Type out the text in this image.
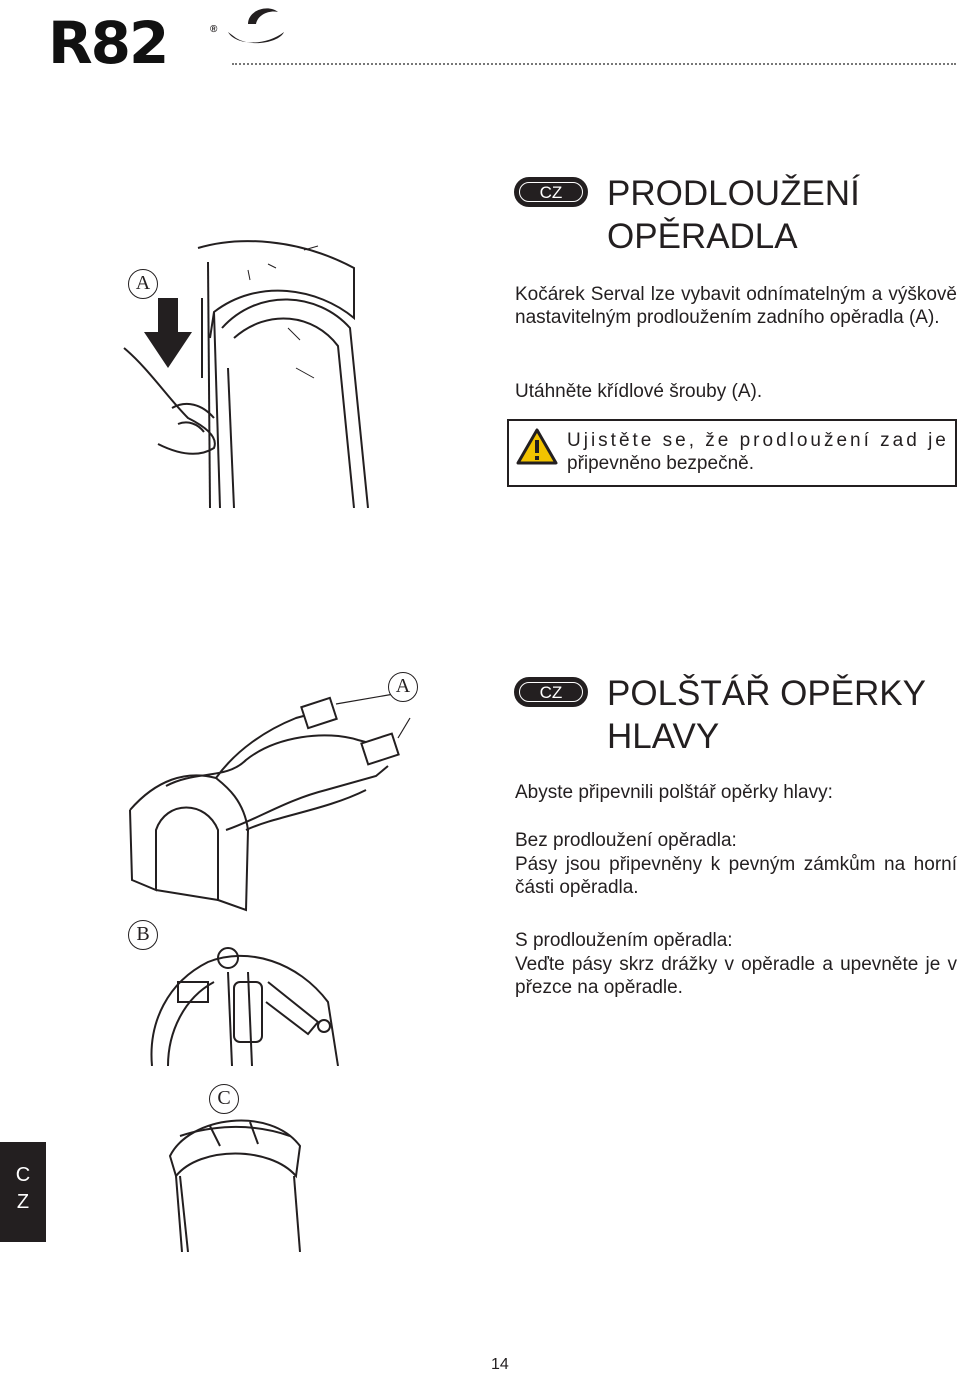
R82	®
A
CZ	PRODLOUŽENÍ
OPĚRADLA
Kočárek Serval lze vybavit odnímatelným a výškově nastavitelným prodloužením zadního opěradla (A).
Utáhněte křídlové šrouby (A).
Ujistěte se, že prodloužení zad je
připevněno bezpečně.
A
B
C
CZ	POLŠTÁŘ OPĚRKY
HLAVY
Abyste připevnili polštář opěrky hlavy:
Bez prodloužení opěradla:
Pásy jsou připevněny k pevným zámkům na horní části opěradla.
S prodloužením opěradla:
Veďte pásy skrz drážky v opěradle a upevněte je v přezce na opěradle.
C
Z
14
